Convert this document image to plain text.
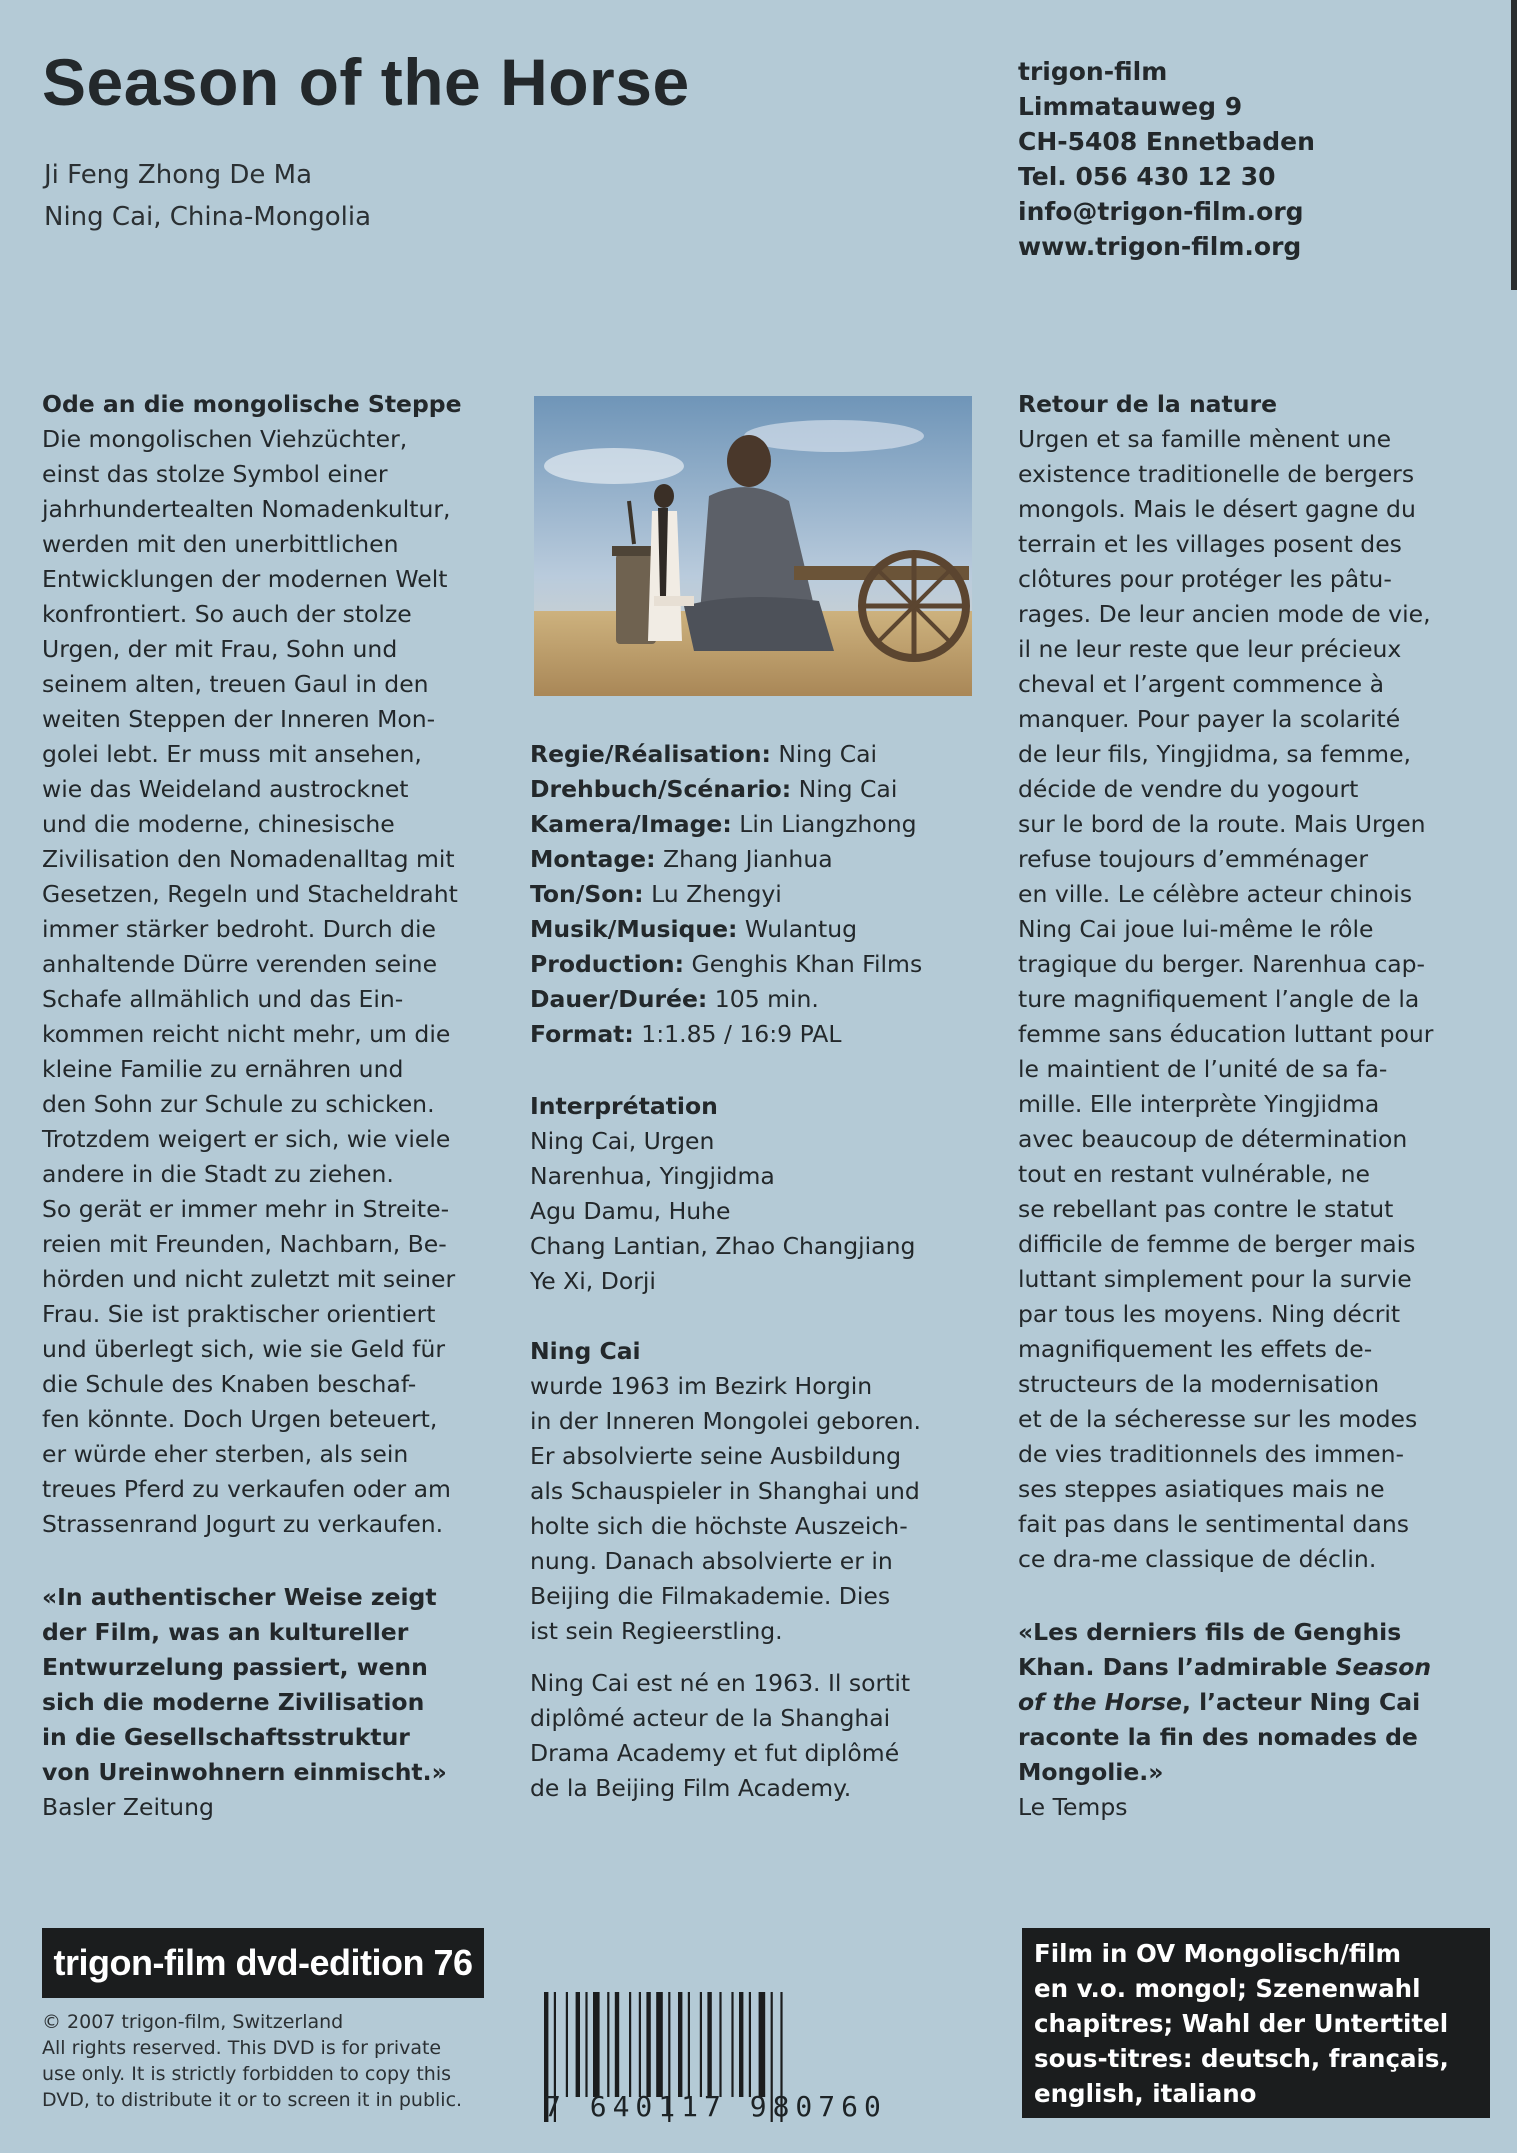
Season of the Horse
Ji Feng Zhong De Ma
Ning Cai, China-Mongolia
trigon-film
Limmatauweg 9
CH-5408 Ennetbaden
Tel. 056 430 12 30
info@trigon-film.org
www.trigon-film.org
Ode an die mongolische Steppe
Die mongolischen Viehzüchter,
einst das stolze Symbol einer
jahrhundertealten Nomadenkultur,
werden mit den unerbittlichen
Entwicklungen der modernen Welt
konfrontiert. So auch der stolze
Urgen, der mit Frau, Sohn und
seinem alten, treuen Gaul in den
weiten Steppen der Inneren Mon-
golei lebt. Er muss mit ansehen,
wie das Weideland austrocknet
und die moderne, chinesische
Zivilisation den Nomadenalltag mit
Gesetzen, Regeln und Stacheldraht
immer stärker bedroht. Durch die
anhaltende Dürre verenden seine
Schafe allmählich und das Ein-
kommen reicht nicht mehr, um die
kleine Familie zu ernähren und
den Sohn zur Schule zu schicken.
Trotzdem weigert er sich, wie viele
andere in die Stadt zu ziehen.
So gerät er immer mehr in Streite-
reien mit Freunden, Nachbarn, Be-
hörden und nicht zuletzt mit seiner
Frau. Sie ist praktischer orientiert
und überlegt sich, wie sie Geld für
die Schule des Knaben beschaf-
fen könnte. Doch Urgen beteuert,
er würde eher sterben, als sein
treues Pferd zu verkaufen oder am
Strassenrand Jogurt zu verkaufen.
«In authentischer Weise zeigt
der Film, was an kultureller
Entwurzelung passiert, wenn
sich die moderne Zivilisation
in die Gesellschaftsstruktur
von Ureinwohnern einmischt.»
Basler Zeitung
Regie/Réalisation: Ning Cai
Drehbuch/Scénario: Ning Cai
Kamera/Image: Lin Liangzhong
Montage: Zhang Jianhua
Ton/Son: Lu Zhengyi
Musik/Musique: Wulantug
Production: Genghis Khan Films
Dauer/Durée: 105 min.
Format: 1:1.85 / 16:9 PAL
Interprétation
Ning Cai, Urgen
Narenhua, Yingjidma
Agu Damu, Huhe
Chang Lantian, Zhao Changjiang
Ye Xi, Dorji
Ning Cai
wurde 1963 im Bezirk Horgin
in der Inneren Mongolei geboren.
Er absolvierte seine Ausbildung
als Schauspieler in Shanghai und
holte sich die höchste Auszeich-
nung. Danach absolvierte er in
Beijing die Filmakademie. Dies
ist sein Regieerstling.
Ning Cai est né en 1963. Il sortit
diplômé acteur de la Shanghai
Drama Academy et fut diplômé
de la Beijing Film Academy.
Retour de la nature
Urgen et sa famille mènent une
existence traditionelle de bergers
mongols. Mais le désert gagne du
terrain et les villages posent des
clôtures pour protéger les pâtu-
rages. De leur ancien mode de vie,
il ne leur reste que leur précieux
cheval et l’argent commence à
manquer. Pour payer la scolarité
de leur fils, Yingjidma, sa femme,
décide de vendre du yogourt
sur le bord de la route. Mais Urgen
refuse toujours d’emménager
en ville. Le célèbre acteur chinois
Ning Cai joue lui-même le rôle
tragique du berger. Narenhua cap-
ture magnifiquement l’angle de la
femme sans éducation luttant pour
le maintient de l’unité de sa fa-
mille. Elle interprète Yingjidma
avec beaucoup de détermination
tout en restant vulnérable, ne
se rebellant pas contre le statut
difficile de femme de berger mais
luttant simplement pour la survie
par tous les moyens. Ning décrit
magnifiquement les effets de-
structeurs de la modernisation
et de la sécheresse sur les modes
de vies traditionnels des immen-
ses steppes asiatiques mais ne
fait pas dans le sentimental dans
ce dra-me classique de déclin.
«Les derniers fils de Genghis
Khan. Dans l’admirable Season
of the Horse, l’acteur Ning Cai
raconte la fin des nomades de
Mongolie.»
Le Temps
trigon-film dvd-edition 76
© 2007 trigon-film, Switzerland
All rights reserved. This DVD is for private
use only. It is strictly forbidden to copy this
DVD, to distribute it or to screen it in public.	7 640117 980760
Film in OV Mongolisch/film
en v.o. mongol; Szenenwahl
chapitres; Wahl der Untertitel
sous-titres: deutsch, français,
english, italiano
